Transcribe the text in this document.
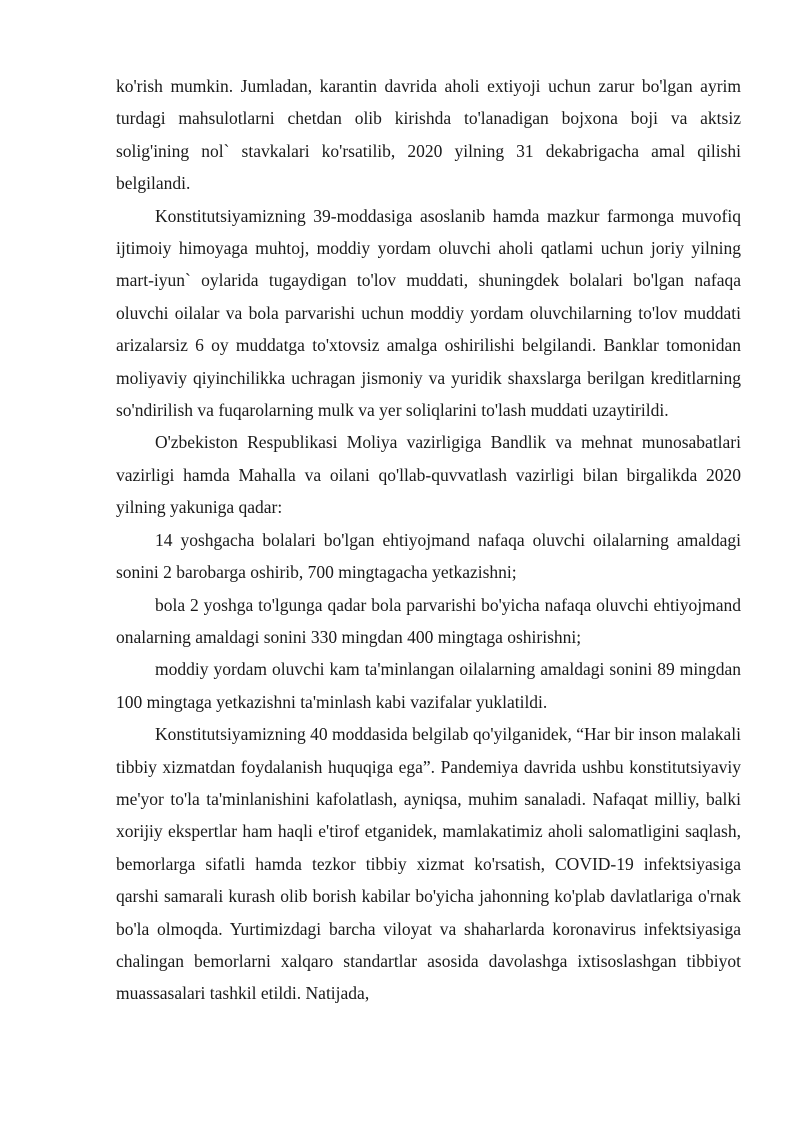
ko'rish mumkin. Jumladan, karantin davrida aholi extiyoji uchun zarur bo'lgan ayrim turdagi mahsulotlarni chetdan olib kirishda to'lanadigan bojxona boji va aktsiz solig'ining nol` stavkalari ko'rsatilib, 2020 yilning 31 dekabrigacha amal qilishi belgilandi.

Konstitutsiyamizning 39-moddasiga asoslanib hamda mazkur farmonga muvofiq ijtimoiy himoyaga muhtoj, moddiy yordam oluvchi aholi qatlami uchun joriy yilning mart-iyun` oylarida tugaydigan to'lov muddati, shuningdek bolalari bo'lgan nafaqa oluvchi oilalar va bola parvarishi uchun moddiy yordam oluvchilarning to'lov muddati arizalarsiz 6 oy muddatga to'xtovsiz amalga oshirilishi belgilandi. Banklar tomonidan moliyaviy qiyinchilikka uchragan jismoniy va yuridik shaxslarga berilgan kreditlarning so'ndirilish va fuqarolarning mulk va yer soliqlarini to'lash muddati uzaytirildi.

O'zbekiston Respublikasi Moliya vazirligiga Bandlik va mehnat munosabatlari vazirligi hamda Mahalla va oilani qo'llab-quvvatlash vazirligi bilan birgalikda 2020 yilning yakuniga qadar:

14 yoshgacha bolalari bo'lgan ehtiyojmand nafaqa oluvchi oilalarning amaldagi sonini 2 barobarga oshirib, 700 mingtagacha yetkazishni;

bola 2 yoshga to'lgunga qadar bola parvarishi bo'yicha nafaqa oluvchi ehtiyojmand onalarning amaldagi sonini 330 mingdan 400 mingtaga oshirishni;

moddiy yordam oluvchi kam ta'minlangan oilalarning amaldagi sonini 89 mingdan 100 mingtaga yetkazishni ta'minlash kabi vazifalar yuklatildi.

Konstitutsiyamizning 40 moddasida belgilab qo'yilganidek, “Har bir inson malakali tibbiy xizmatdan foydalanish huquqiga ega”. Pandemiya davrida ushbu konstitutsiyaviy me'yor to'la ta'minlanishini kafolatlash, ayniqsa, muhim sanaladi. Nafaqat milliy, balki xorijiy ekspertlar ham haqli e'tirof etganidek, mamlakatimiz aholi salomatligini saqlash, bemorlarga sifatli hamda tezkor tibbiy xizmat ko'rsatish, COVID-19 infektsiyasiga qarshi samarali kurash olib borish kabilar bo'yicha jahonning ko'plab davlatlariga o'rnak bo'la olmoqda. Yurtimizdagi barcha viloyat va shaharlarda koronavirus infektsiyasiga chalingan bemorlarni xalqaro standartlar asosida davolashga ixtisoslashgan tibbiyot muassasalari tashkil etildi. Natijada,
